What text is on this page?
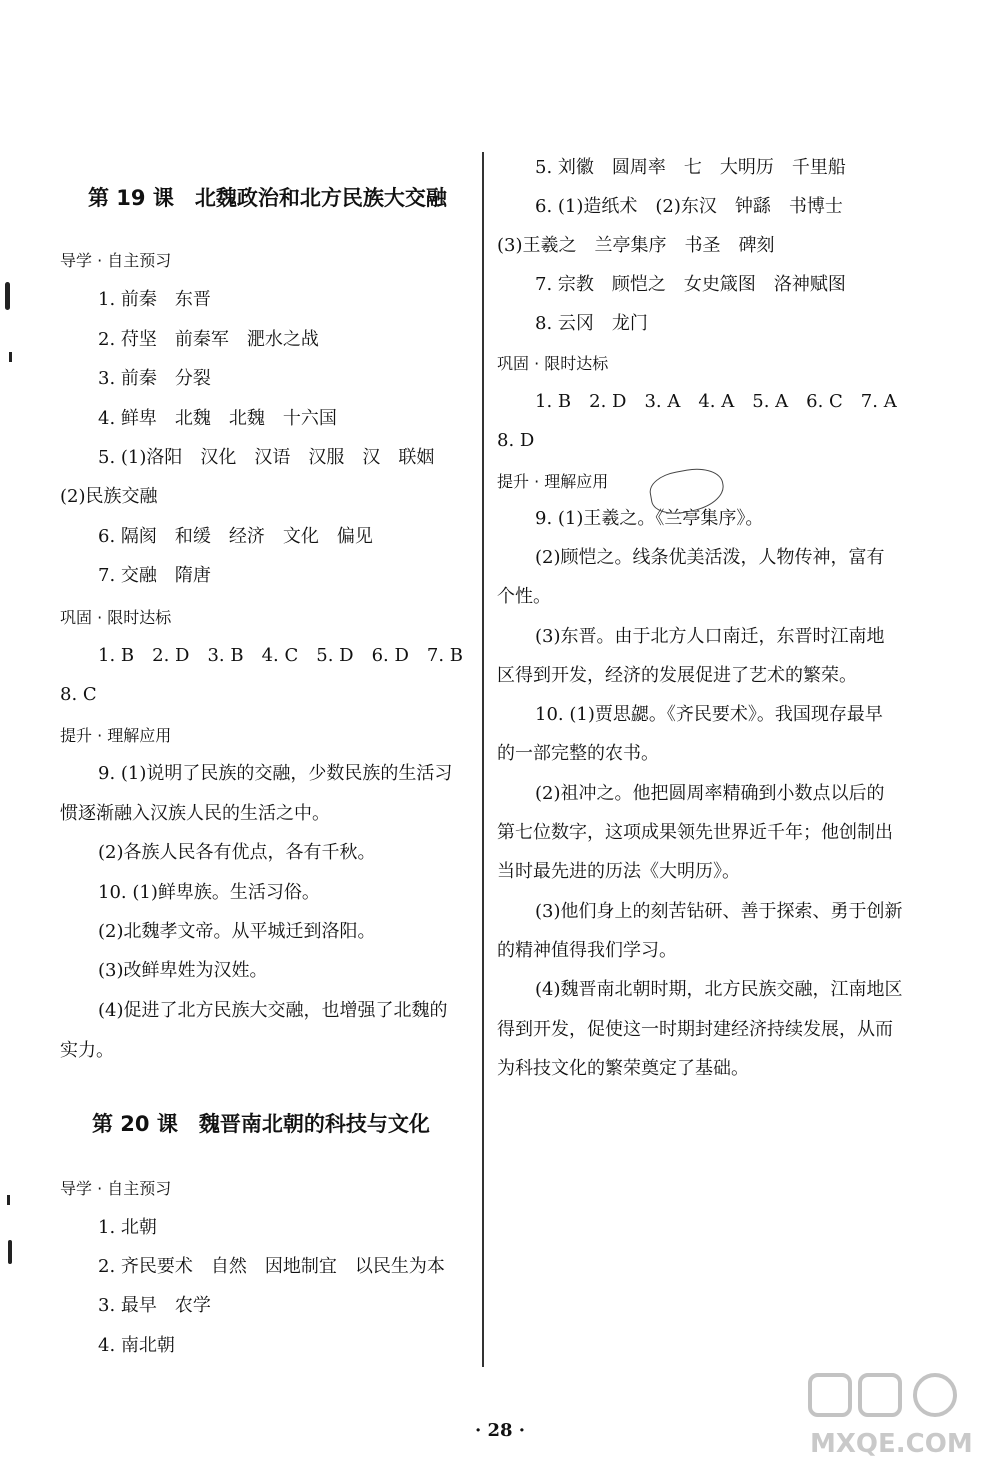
第 19 课　北魏政治和北方民族大交融
导学 · 自主预习
1. 前秦　东晋
2. 苻坚　前秦军　淝水之战
3. 前秦　分裂
4. 鲜卑　北魏　北魏　十六国
5. (1)洛阳　汉化　汉语　汉服　汉　联姻
(2)民族交融
6. 隔阂　和缓　经济　文化　偏见
7. 交融　隋唐
巩固 · 限时达标
1. B　2. D　3. B　4. C　5. D　6. D　7. B
8. C
提升 · 理解应用
9. (1)说明了民族的交融，少数民族的生活习
惯逐渐融入汉族人民的生活之中。
(2)各族人民各有优点，各有千秋。
10. (1)鲜卑族。生活习俗。
(2)北魏孝文帝。从平城迁到洛阳。
(3)改鲜卑姓为汉姓。
(4)促进了北方民族大交融，也增强了北魏的
实力。
第 20 课　魏晋南北朝的科技与文化
导学 · 自主预习
1. 北朝
2. 齐民要术　自然　因地制宜　以民生为本
3. 最早　农学
4. 南北朝
5. 刘徽　圆周率　七　大明历　千里船
6. (1)造纸术　(2)东汉　钟繇　书博士
(3)王羲之　兰亭集序　书圣　碑刻
7. 宗教　顾恺之　女史箴图　洛神赋图
8. 云冈　龙门
巩固 · 限时达标
1. B　2. D　3. A　4. A　5. A　6. C　7. A
8. D
提升 · 理解应用
9. (1)王羲之。《兰亭集序》。
(2)顾恺之。线条优美活泼，人物传神，富有
个性。
(3)东晋。由于北方人口南迁，东晋时江南地
区得到开发，经济的发展促进了艺术的繁荣。
10. (1)贾思勰。《齐民要术》。我国现存最早
的一部完整的农书。
(2)祖冲之。他把圆周率精确到小数点以后的
第七位数字，这项成果领先世界近千年；他创制出
当时最先进的历法《大明历》。
(3)他们身上的刻苦钻研、善于探索、勇于创新
的精神值得我们学习。
(4)魏晋南北朝时期，北方民族交融，江南地区
得到开发，促使这一时期封建经济持续发展，从而
为科技文化的繁荣奠定了基础。
· 28 ·	MXQE.COM
